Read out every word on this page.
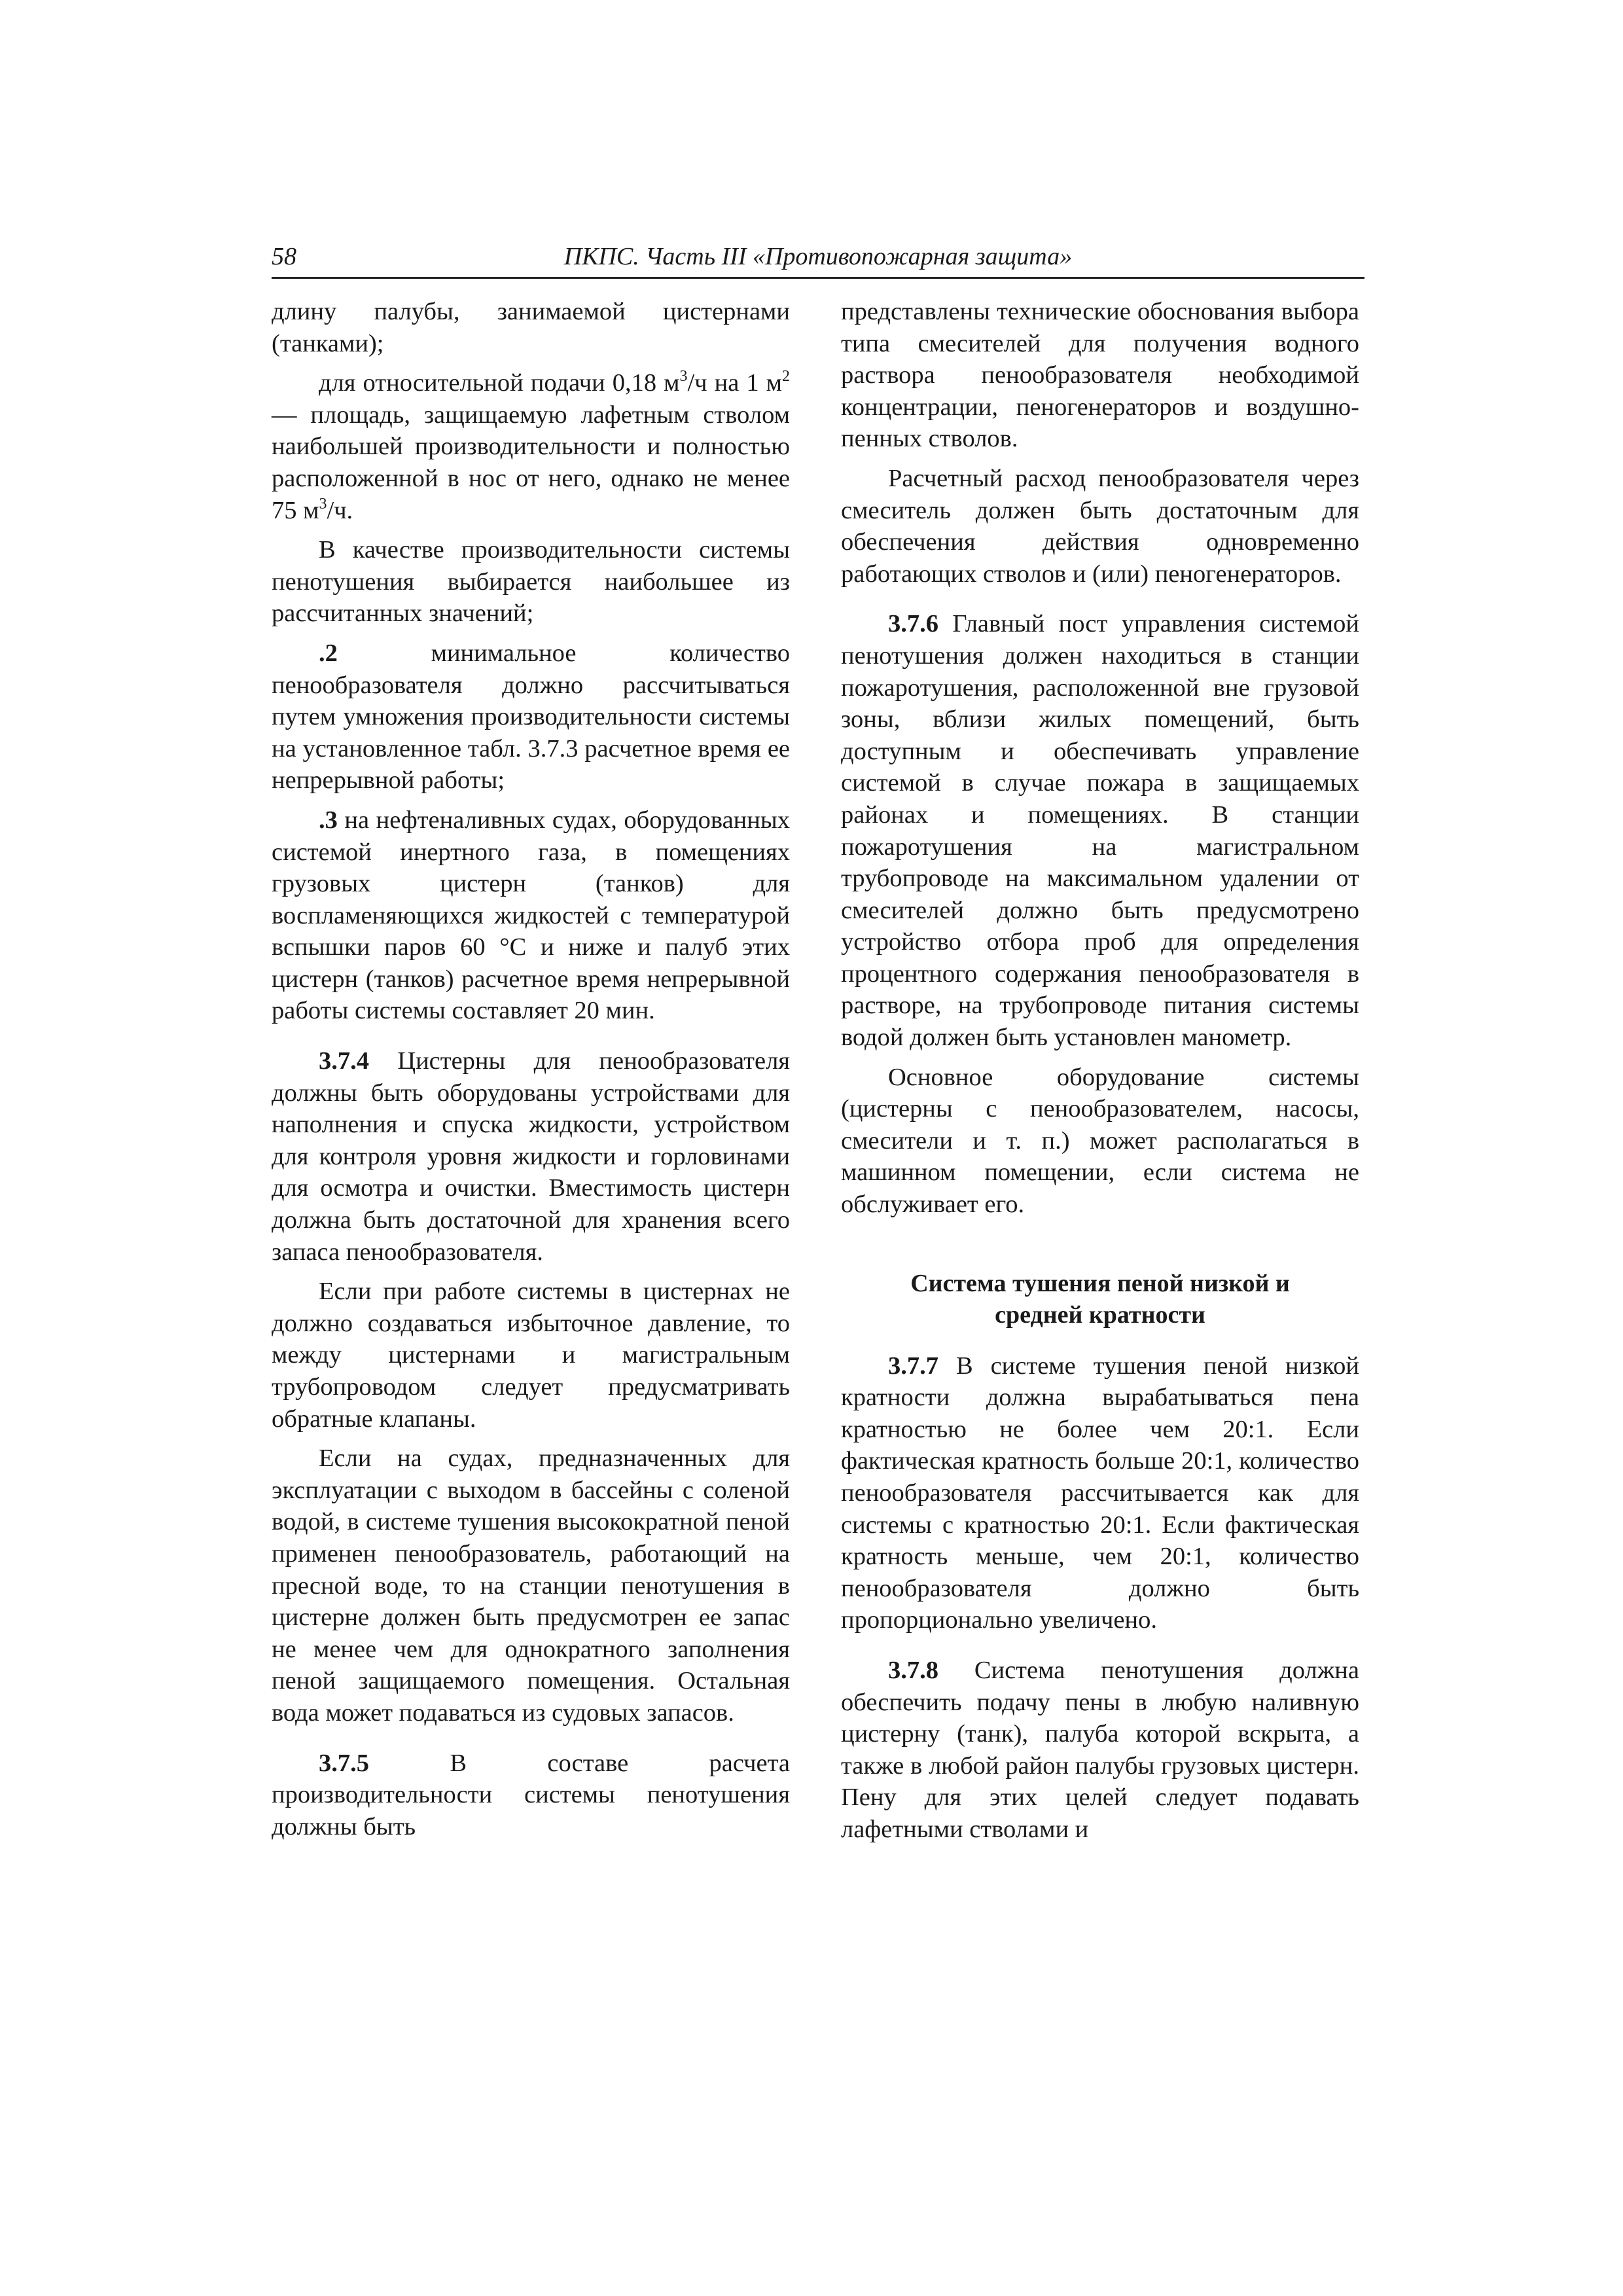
58	ПКПС. Часть III «Противопожарная защита»

длину палубы, занимаемой цистернами (танками);

для относительной подачи 0,18 $м^3/ч$ на 1 $м^2$ — площадь, защищаемую лафетным стволом наибольшей производительности и полностью расположенной в нос от него, однако не менее 75 $м^3/ч$.

В качестве производительности системы пенотушения выбирается наибольшее из рассчитанных значений;

.2 минимальное количество пенообразователя должно рассчитываться путем умножения производительности системы на установленное табл. 3.7.3 расчетное время ее непрерывной работы;

.3 на нефтеналивных судах, оборудованных системой инертного газа, в помещениях грузовых цистерн (танков) для воспламеняющихся жидкостей с температурой вспышки паров 60 °С и ниже и палуб этих цистерн (танков) расчетное время непрерывной работы системы составляет 20 мин.

3.7.4 Цистерны для пенообразователя должны быть оборудованы устройствами для наполнения и спуска жидкости, устройством для контроля уровня жидкости и горловинами для осмотра и очистки. Вместимость цистерн должна быть достаточной для хранения всего запаса пенообразователя.

Если при работе системы в цистернах не должно создаваться избыточное давление, то между цистернами и магистральным трубопроводом следует предусматривать обратные клапаны.

Если на судах, предназначенных для эксплуатации с выходом в бассейны с соленой водой, в системе тушения высокократной пеной применен пенообразователь, работающий на пресной воде, то на станции пенотушения в цистерне должен быть предусмотрен ее запас не менее чем для однократного заполнения пеной защищаемого помещения. Остальная вода может подаваться из судовых запасов.

3.7.5 В составе расчета производительности системы пенотушения должны быть

представлены технические обоснования выбора типа смесителей для получения водного раствора пенообразователя необходимой концентрации, пеногенераторов и воздушно-пенных стволов.

Расчетный расход пенообразователя через смеситель должен быть достаточным для обеспечения действия одновременно работающих стволов и (или) пеногенераторов.

3.7.6 Главный пост управления системой пенотушения должен находиться в станции пожаротушения, расположенной вне грузовой зоны, вблизи жилых помещений, быть доступным и обеспечивать управление системой в случае пожара в защищаемых районах и помещениях. В станции пожаротушения на магистральном трубопроводе на максимальном удалении от смесителей должно быть предусмотрено устройство отбора проб для определения процентного содержания пенообразователя в растворе, на трубопроводе питания системы водой должен быть установлен манометр.

Основное оборудование системы (цистерны с пенообразователем, насосы, смесители и т. п.) может располагаться в машинном помещении, если система не обслуживает его.

Система тушения пеной низкой и средней кратности

3.7.7 В системе тушения пеной низкой кратности должна вырабатываться пена кратностью не более чем 20:1. Если фактическая кратность больше 20:1, количество пенообразователя рассчитывается как для системы с кратностью 20:1. Если фактическая кратность меньше, чем 20:1, количество пенообразователя должно быть пропорционально увеличено.

3.7.8 Система пенотушения должна обеспечить подачу пены в любую наливную цистерну (танк), палуба которой вскрыта, а также в любой район палубы грузовых цистерн. Пену для этих целей следует подавать лафетными стволами и
